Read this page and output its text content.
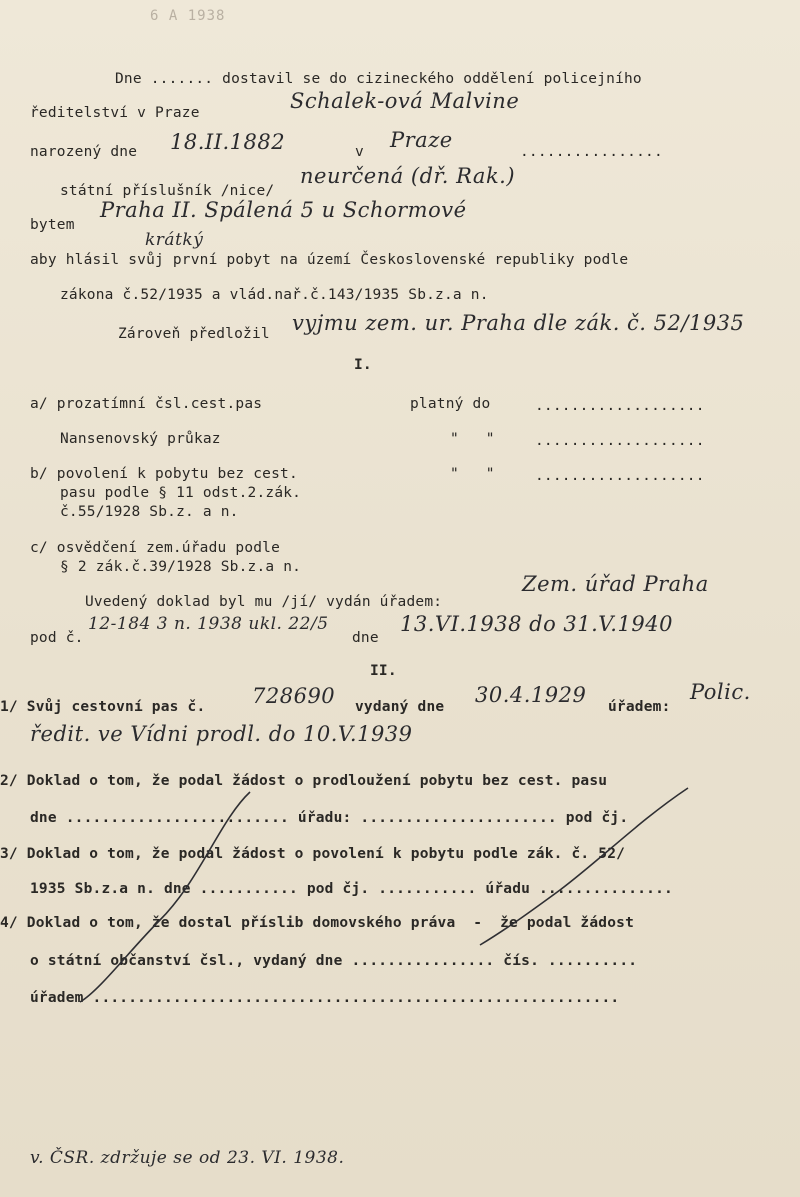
6 A 1938
Dne ....... dostavil se do cizineckého oddělení policejního
ředitelství v Praze	Schalek-ová Malvine
narozený dne 18.II.1882	v Praze	................
státní příslušník /nice/
neurčená (dř. Rak.)
bytem
Praha II. Spálená 5 u Schormové
krátký
aby hlásil svůj první pobyt na území Československé republiky podle
zákona č.52/1935 a vlád.nař.č.143/1935 Sb.z.a n.
Zároveň předložil vyjmu zem. ur. Praha dle zák. č. 52/1935
I.
a/ prozatímní čsl.cest.pas	platný do	...................
Nansenovský průkaz	"   "	...................
b/ povolení k pobytu bez cest.	"   "	...................
pasu podle § 11 odst.2.zák.
č.55/1928 Sb.z. a n.
c/ osvědčení zem.úřadu podle
§ 2 zák.č.39/1928 Sb.z.a n.
Uvedený doklad byl mu /jí/ vydán úřadem:
Zem. úřad Praha
pod č.
12-184 3 n. 1938 ukl. 22/5
dne
13.VI.1938 do 31.V.1940
II.
1/ Svůj cestovní pas č. 728690 vydaný dne 30.4.1929 úřadem:
Polic.
ředit. ve Vídni prodl. do 10.V.1939
2/ Doklad o tom, že podal žádost o prodloužení pobytu bez cest. pasu
dne ......................... úřadu: ...................... pod čj.
3/ Doklad o tom, že podal žádost o povolení k pobytu podle zák. č. 52/
1935 Sb.z.a n. dne ........... pod čj. ........... úřadu ...............
4/ Doklad o tom, že dostal příslib domovského práva  -  že podal žádost
o státní občanství čsl., vydaný dne ................ čís. ..........
úřadem ...........................................................
v. ČSR. zdržuje se od 23. VI. 1938.
